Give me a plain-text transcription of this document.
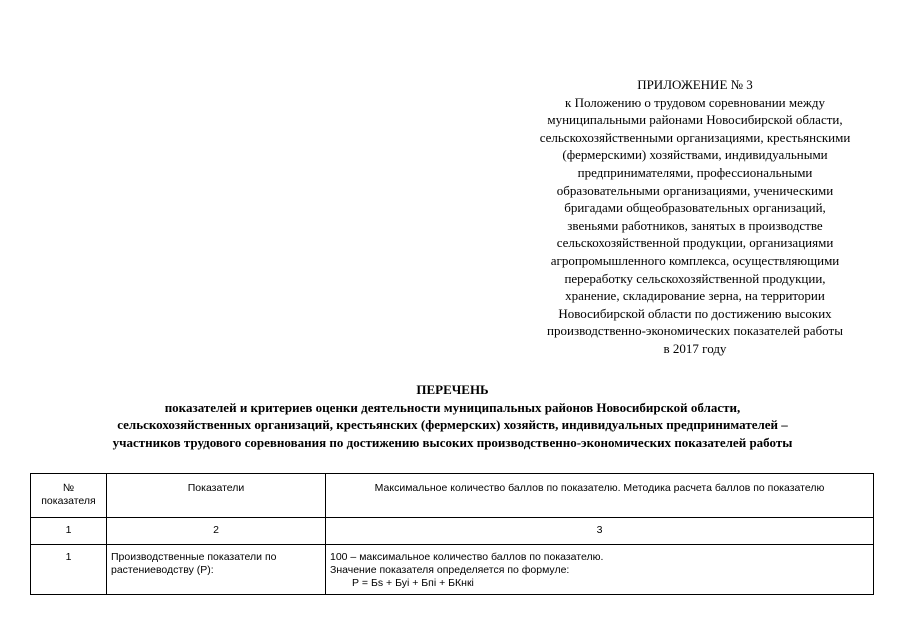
ПРИЛОЖЕНИЕ № 3
к Положению о трудовом соревновании между
муниципальными районами Новосибирской области,
сельскохозяйственными организациями, крестьянскими
(фермерскими) хозяйствами, индивидуальными
предпринимателями, профессиональными
образовательными организациями, ученическими
бригадами общеобразовательных организаций,
звеньями работников, занятых в производстве
сельскохозяйственной продукции, организациями
агропромышленного комплекса, осуществляющими
переработку сельскохозяйственной продукции,
хранение, складирование зерна, на территории
Новосибирской области по достижению высоких
производственно-экономических показателей работы
в 2017 году
ПЕРЕЧЕНЬ
показателей и критериев оценки деятельности муниципальных районов Новосибирской области,
сельскохозяйственных организаций, крестьянских (фермерских) хозяйств, индивидуальных предпринимателей –
участников трудового соревнования по достижению высоких производственно-экономических показателей работы
№ показателя	Показатели	Максимальное количество баллов по показателю. Методика расчета баллов по показателю
1	2	3
1	Производственные показатели по растениеводству (Р):	100 – максимальное количество баллов по показателю.
Значение показателя определяется по формуле:
Р = Бs + Буi + Бпi + БКнкi
